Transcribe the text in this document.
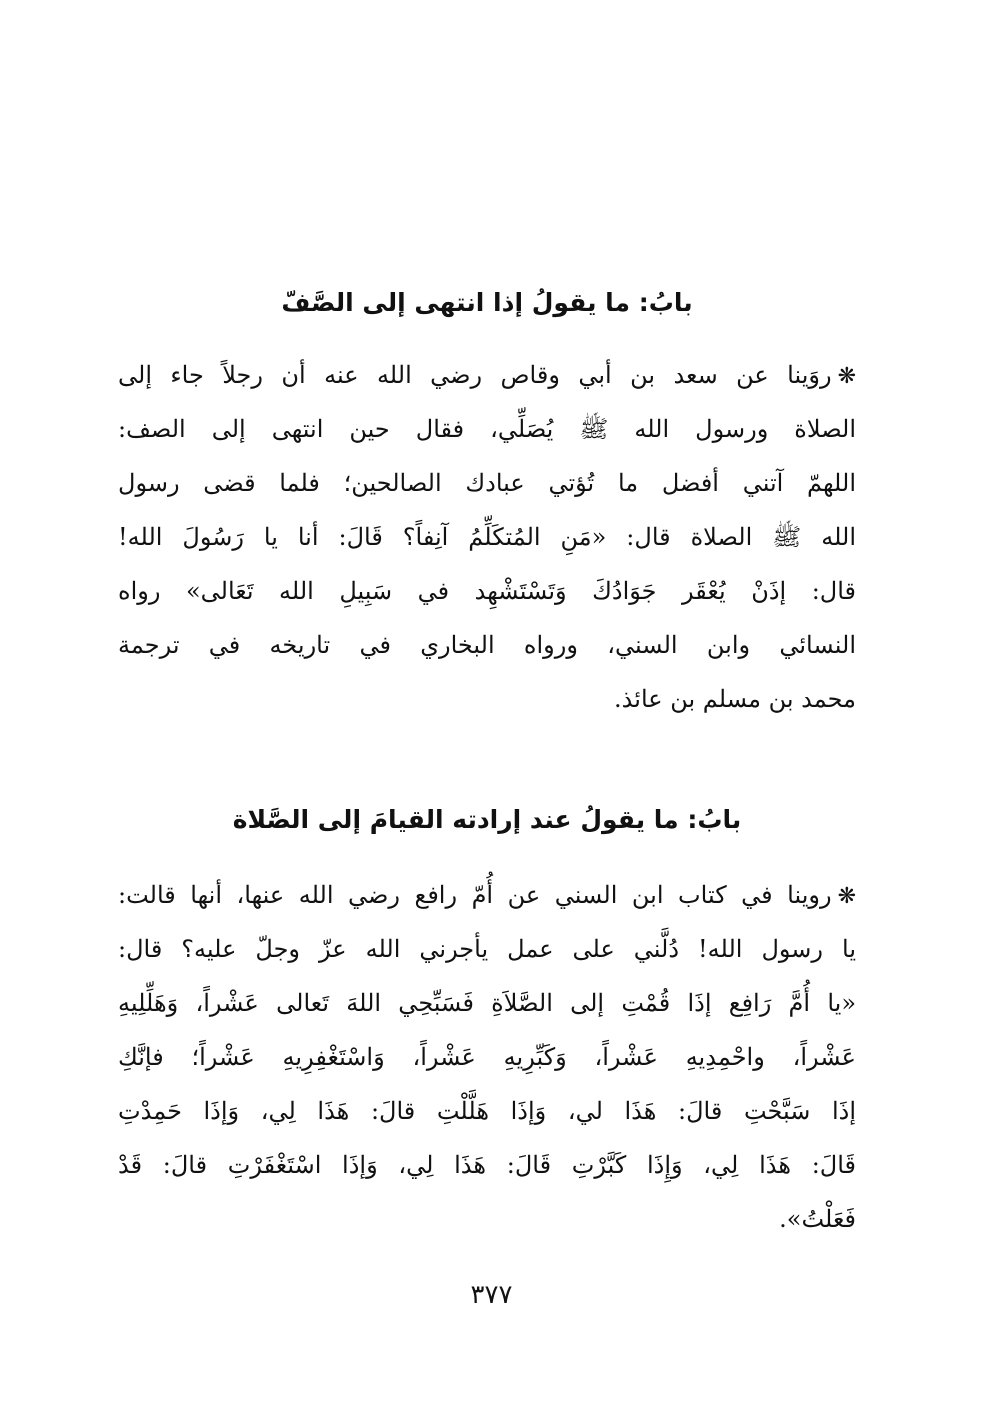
بابُ: ما يقولُ إذا انتهى إلى الصَّفّ
❋روَينا عن سعد بن أبي وقاص رضي الله عنه أن رجلاً جاء إلى
الصلاة ورسول الله ﷺ يُصَلِّي، فقال حين انتهى إلى الصف:
اللهمّ آتني أفضل ما تُؤتي عبادك الصالحين؛ فلما قضى رسول
الله ﷺ الصلاة قال: «مَنِ المُتكَلِّمُ آنِفاً؟ قَالَ: أنا يا رَسُولَ الله!
قال: إذَنْ يُعْقَر جَوَادُكَ وَتَسْتَشْهِد في سَبِيلِ الله تَعَالى» رواه
النسائي وابن السني، ورواه البخاري في تاريخه في ترجمة
محمد بن مسلم بن عائذ.
بابُ: ما يقولُ عند إرادته القيامَ إلى الصَّلاة
❋روينا في كتاب ابن السني عن أُمّ رافع رضي الله عنها، أنها قالت:
يا رسول الله! دُلَّني على عمل يأجرني الله عزّ وجلّ عليه؟ قال:
«يا أُمَّ رَافِع إذَا قُمْتِ إلى الصَّلاَةِ فَسَبِّحِي اللهَ تَعالى عَشْراً، وَهَلِّلِيهِ
عَشْراً، واحْمِدِيهِ عَشْراً، وَكَبِّرِيهِ عَشْراً، وَاسْتَغْفِرِيهِ عَشْراً؛ فإنَّكِ
إذَا سَبَّحْتِ قالَ: هَذَا لي، وَإذَا هَلَّلْتِ قالَ: هَذَا لِي، وَإذَا حَمِدْتِ
قَالَ: هَذَا لِي، وَإِذَا كَبَّرْتِ قَالَ: هَذَا لِي، وَإذَا اسْتَغْفَرْتِ قالَ: قَدْ
فَعَلْتُ».
٣٧٧
